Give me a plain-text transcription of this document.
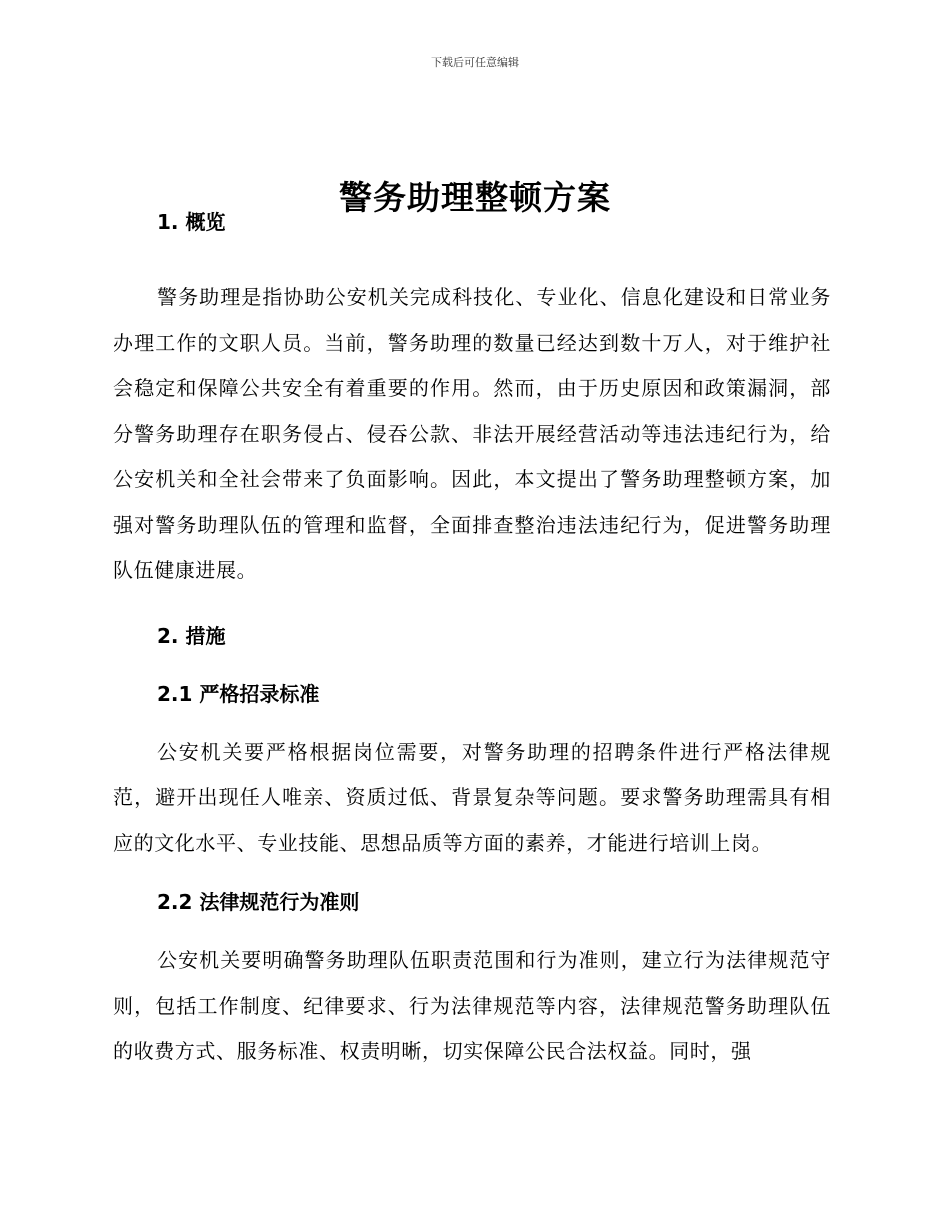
下载后可任意编辑
警务助理整顿方案

1. 概览

警务助理是指协助公安机关完成科技化、专业化、信息化建设和日常业务办理工作的文职人员。当前，警务助理的数量已经达到数十万人，对于维护社会稳定和保障公共安全有着重要的作用。然而，由于历史原因和政策漏洞，部分警务助理存在职务侵占、侵吞公款、非法开展经营活动等违法违纪行为，给公安机关和全社会带来了负面影响。因此，本文提出了警务助理整顿方案，加强对警务助理队伍的管理和监督，全面排查整治违法违纪行为，促进警务助理队伍健康进展。

2. 措施

2.1 严格招录标准

公安机关要严格根据岗位需要，对警务助理的招聘条件进行严格法律规范，避开出现任人唯亲、资质过低、背景复杂等问题。要求警务助理需具有相应的文化水平、专业技能、思想品质等方面的素养，才能进行培训上岗。

2.2 法律规范行为准则

公安机关要明确警务助理队伍职责范围和行为准则，建立行为法律规范守则，包括工作制度、纪律要求、行为法律规范等内容，法律规范警务助理队伍的收费方式、服务标准、权责明晰，切实保障公民合法权益。同时，强
